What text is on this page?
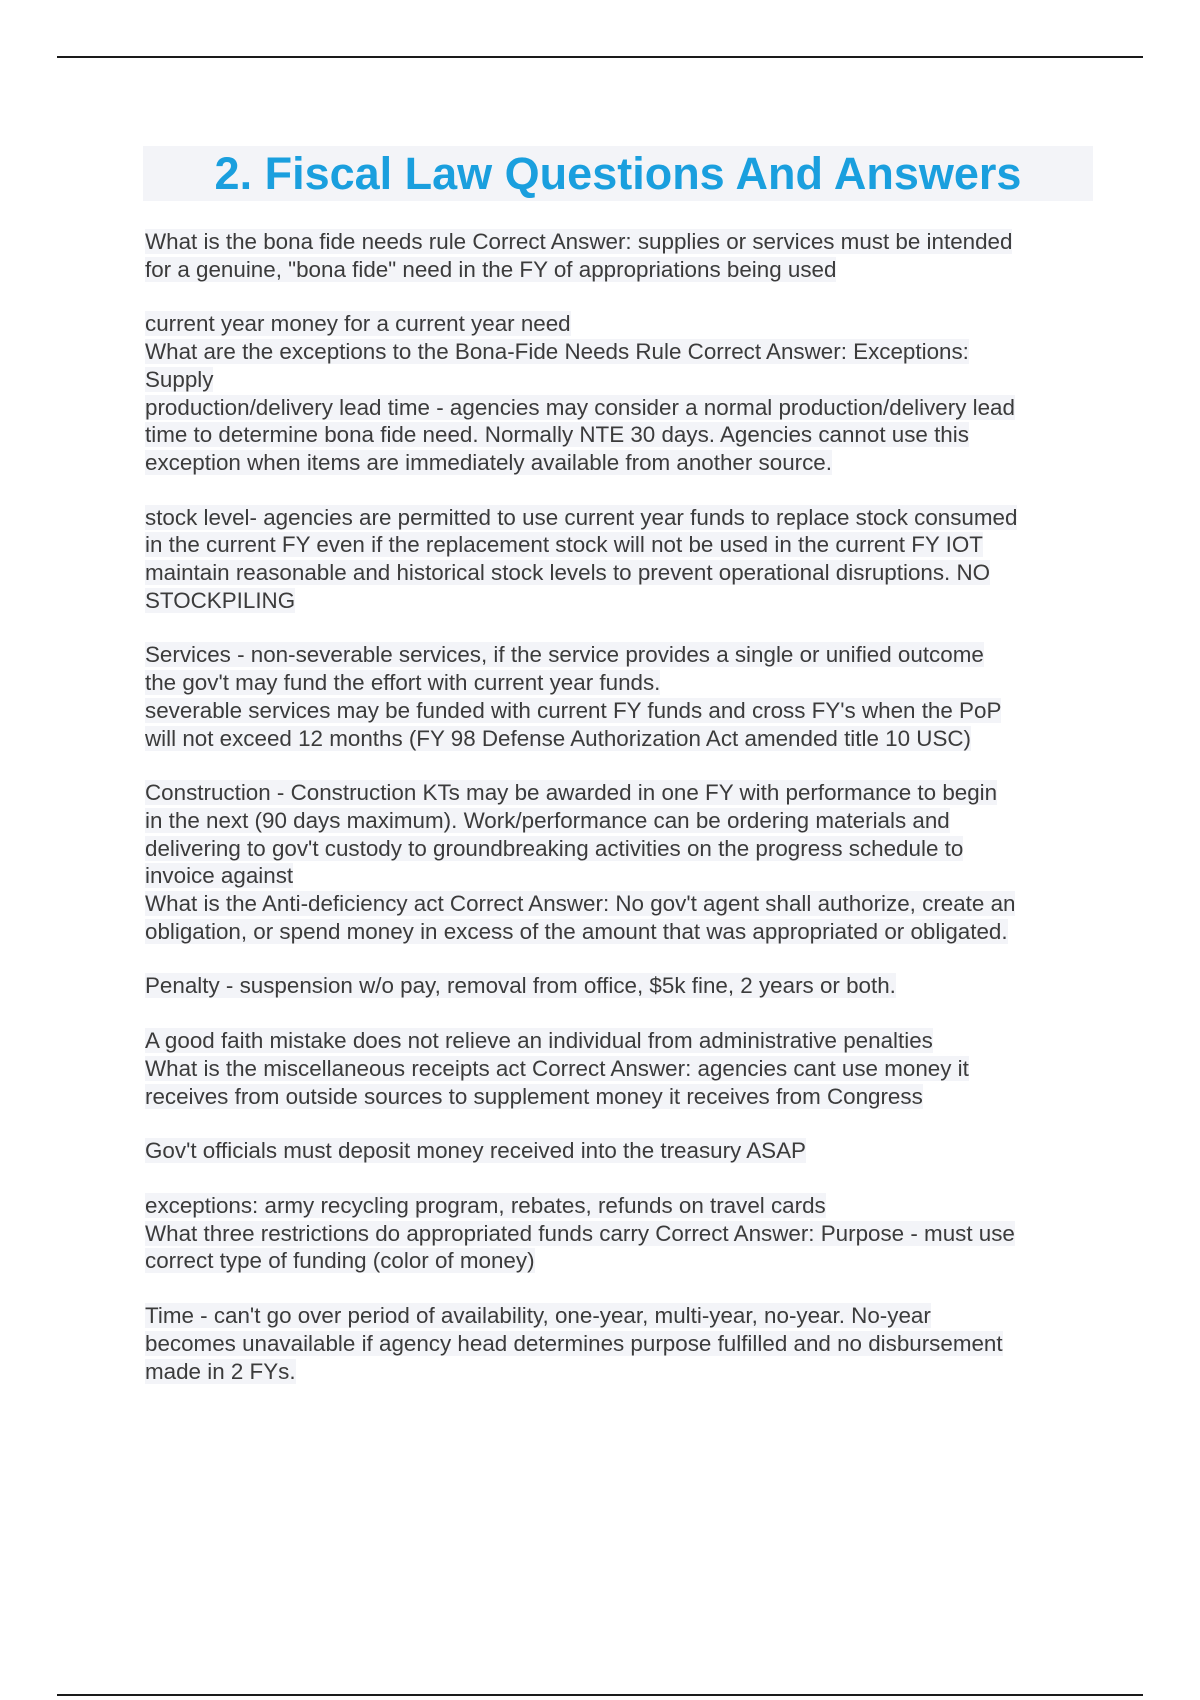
2. Fiscal Law Questions And Answers
What is the bona fide needs rule Correct Answer: supplies or services must be intended
for a genuine, "bona fide" need in the FY of appropriations being used
current year money for a current year need
What are the exceptions to the Bona-Fide Needs Rule Correct Answer: Exceptions:
Supply
production/delivery lead time - agencies may consider a normal production/delivery lead
time to determine bona fide need. Normally NTE 30 days. Agencies cannot use this
exception when items are immediately available from another source.
stock level- agencies are permitted to use current year funds to replace stock consumed
in the current FY even if the replacement stock will not be used in the current FY IOT
maintain reasonable and historical stock levels to prevent operational disruptions. NO
STOCKPILING
Services - non-severable services, if the service provides a single or unified outcome
the gov't may fund the effort with current year funds.
severable services may be funded with current FY funds and cross FY's when the PoP
will not exceed 12 months (FY 98 Defense Authorization Act amended title 10 USC)
Construction - Construction KTs may be awarded in one FY with performance to begin
in the next (90 days maximum). Work/performance can be ordering materials and
delivering to gov't custody to groundbreaking activities on the progress schedule to
invoice against
What is the Anti-deficiency act Correct Answer: No gov't agent shall authorize, create an
obligation, or spend money in excess of the amount that was appropriated or obligated.
Penalty - suspension w/o pay, removal from office, $5k fine, 2 years or both.
A good faith mistake does not relieve an individual from administrative penalties
What is the miscellaneous receipts act Correct Answer: agencies cant use money it
receives from outside sources to supplement money it receives from Congress
Gov't officials must deposit money received into the treasury ASAP
exceptions: army recycling program, rebates, refunds on travel cards
What three restrictions do appropriated funds carry Correct Answer: Purpose - must use
correct type of funding (color of money)
Time - can't go over period of availability, one-year, multi-year, no-year. No-year
becomes unavailable if agency head determines purpose fulfilled and no disbursement
made in 2 FYs.
